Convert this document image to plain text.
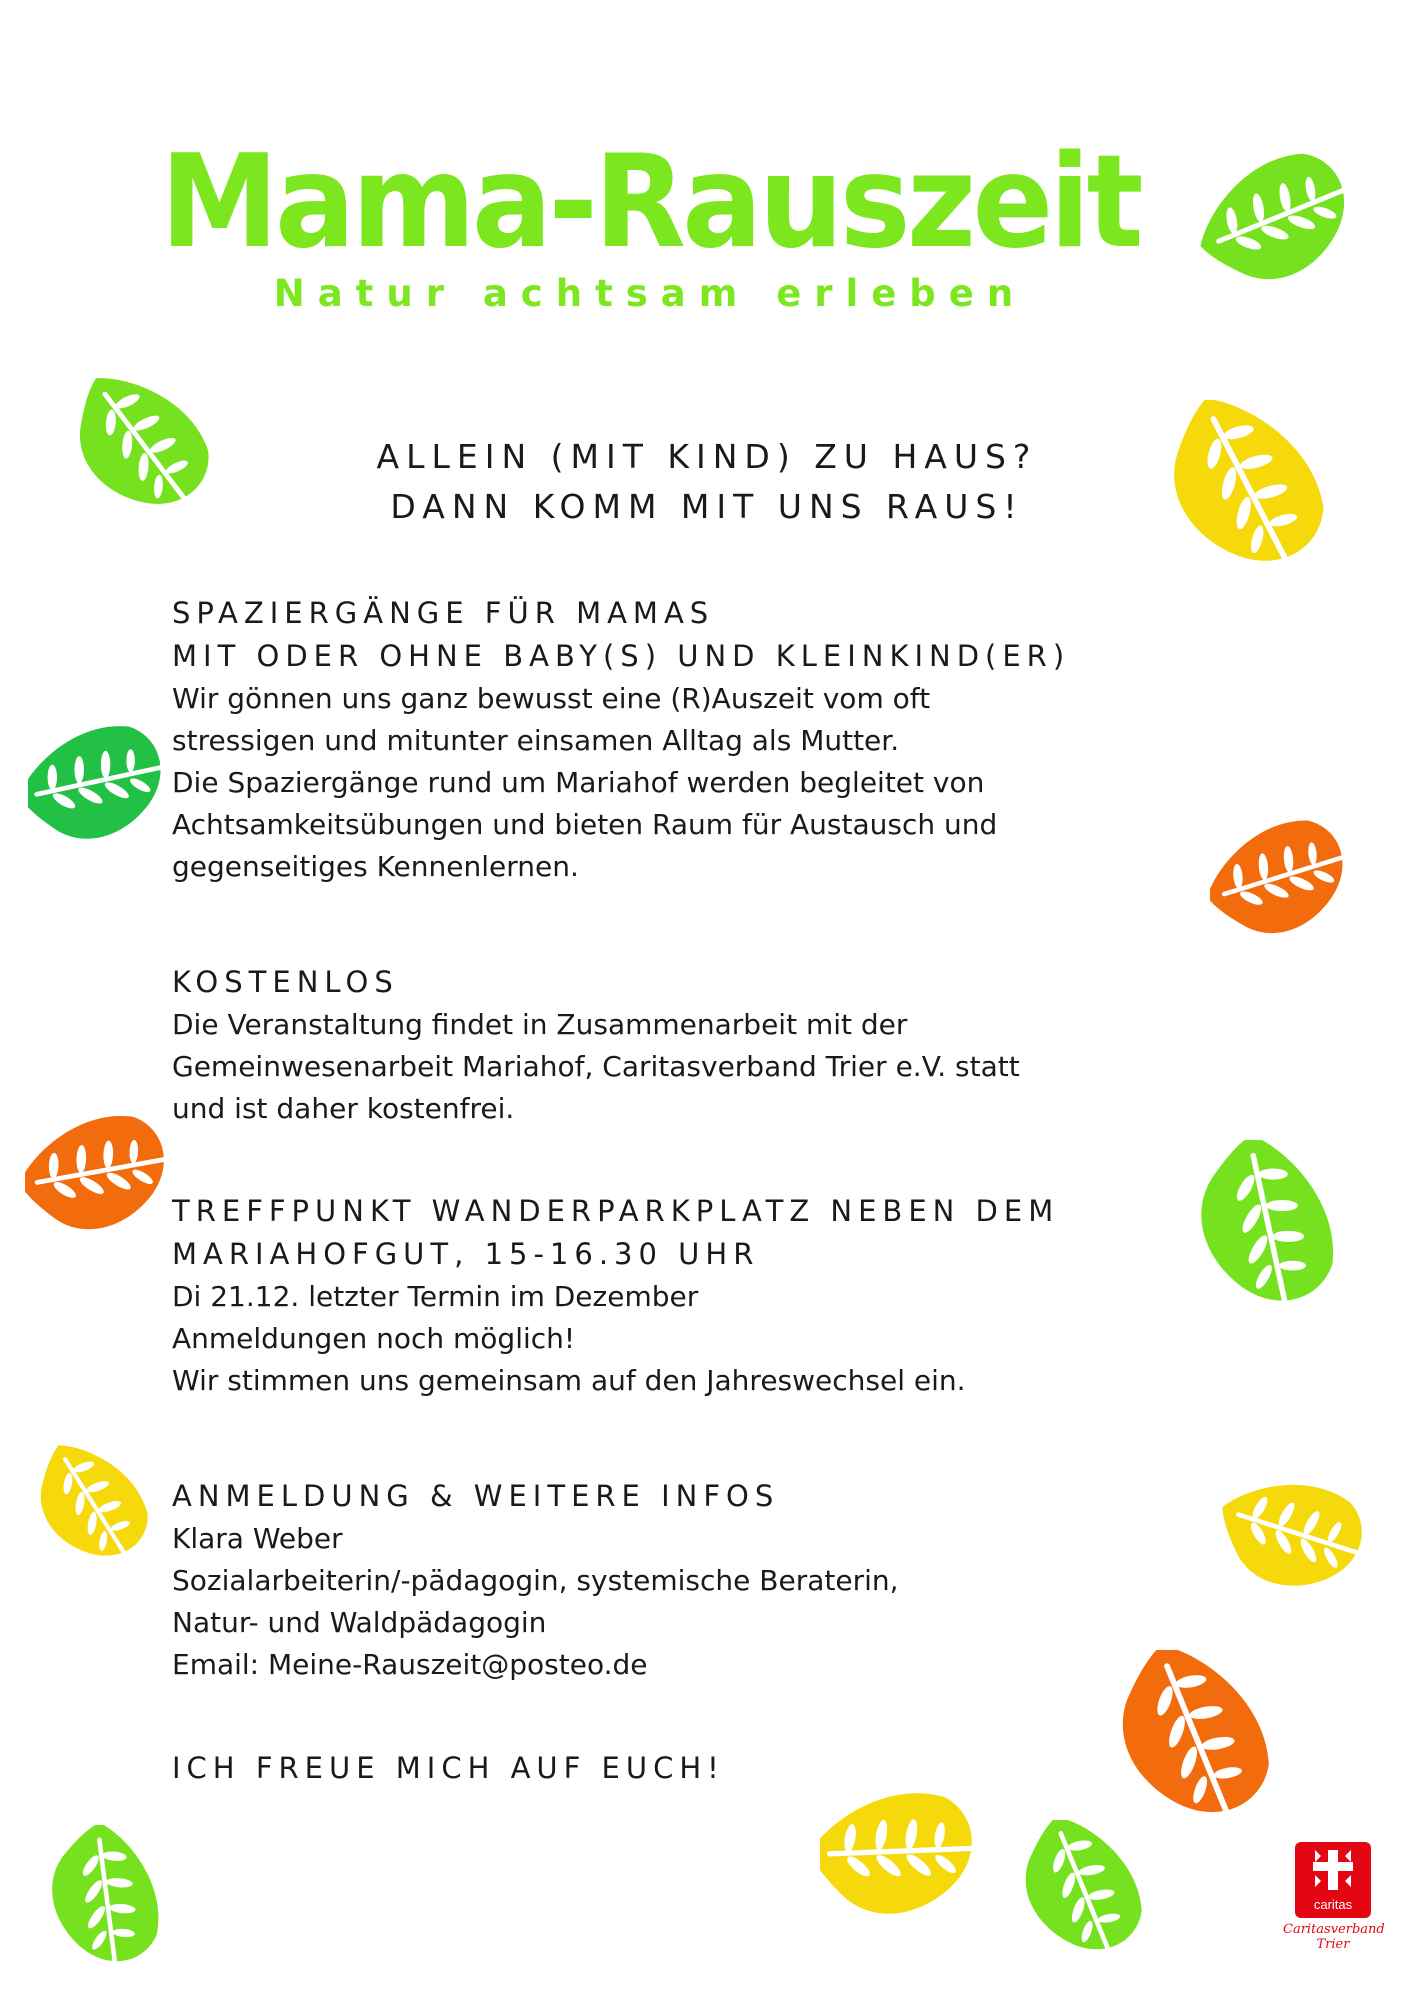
Mama-Rauszeit
Natur achtsam erleben
ALLEIN (MIT KIND) ZU HAUS?
DANN KOMM MIT UNS RAUS!
SPAZIERGÄNGE FÜR MAMAS
MIT ODER OHNE BABY(S) UND KLEINKIND(ER)
Wir gönnen uns ganz bewusst eine (R)Auszeit vom oft
stressigen und mitunter einsamen Alltag als Mutter.
Die Spaziergänge rund um Mariahof werden begleitet von
Achtsamkeitsübungen und bieten Raum für Austausch und
gegenseitiges Kennenlernen.
KOSTENLOS
Die Veranstaltung findet in Zusammenarbeit mit der
Gemeinwesenarbeit Mariahof, Caritasverband Trier e.V. statt
und ist daher kostenfrei.
TREFFPUNKT WANDERPARKPLATZ NEBEN DEM
MARIAHOFGUT, 15-16.30 UHR
Di 21.12. letzter Termin im Dezember
Anmeldungen noch möglich!
Wir stimmen uns gemeinsam auf den Jahreswechsel ein.
ANMELDUNG & WEITERE INFOS
Klara Weber
Sozialarbeiterin/-pädagogin, systemische Beraterin,
Natur- und Waldpädagogin
Email: Meine-Rauszeit@posteo.de
ICH FREUE MICH AUF EUCH!
caritas
Caritasverband
Trier
